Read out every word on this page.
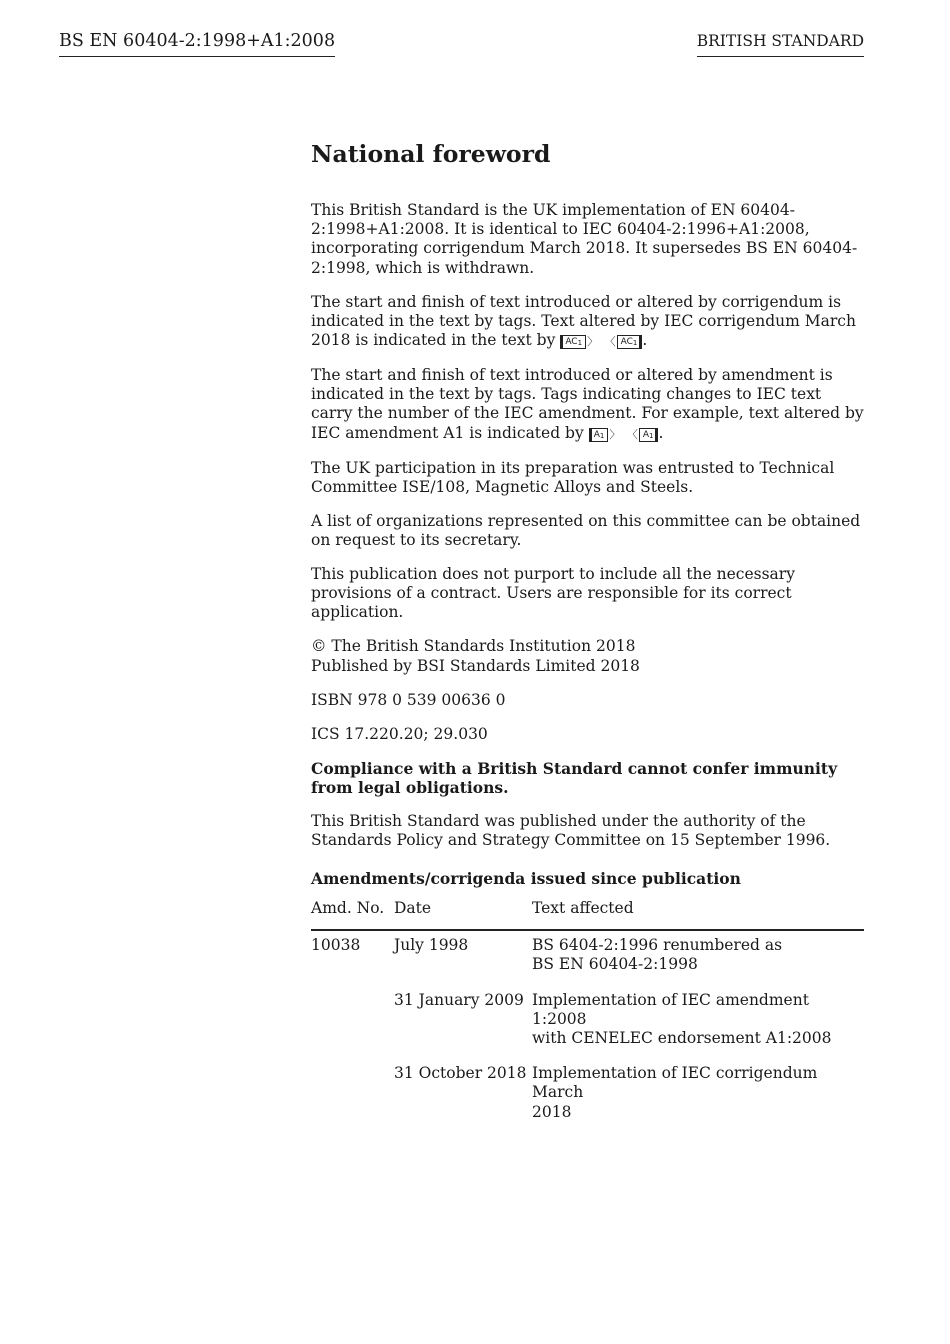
BS EN 60404-2:1998+A1:2008	BRITISH STANDARD
National foreword

This British Standard is the UK implementation of EN 60404-2:1998+A1:2008. It is identical to IEC 60404-2:1996+A1:2008, incorporating corrigendum March 2018. It supersedes BS EN 60404-2:1998, which is withdrawn.

The start and finish of text introduced or altered by corrigendum is indicated in the text by tags. Text altered by IEC corrigendum March 2018 is indicated in the text by $AC_1$ 〉 〈 $AC_1$ .

The start and finish of text introduced or altered by amendment is indicated in the text by tags. Tags indicating changes to IEC text carry the number of the IEC amendment. For example, text altered by IEC amendment A1 is indicated by $A_1$ 〉 〈 $A_1$ .

The UK participation in its preparation was entrusted to Technical Committee ISE/108, Magnetic Alloys and Steels.

A list of organizations represented on this committee can be obtained on request to its secretary.

This publication does not purport to include all the necessary provisions of a contract. Users are responsible for its correct application.

© The British Standards Institution 2018
Published by BSI Standards Limited 2018

ISBN 978 0 539 00636 0

ICS 17.220.20; 29.030

Compliance with a British Standard cannot confer immunity from legal obligations.

This British Standard was published under the authority of the Standards Policy and Strategy Committee on 15 September 1996.

Amendments/corrigenda issued since publication
Amd. No.	Date	Text affected
10038	July 1998	BS 6404-2:1996 renumbered as
BS EN 60404-2:1998
	31 January 2009	Implementation of IEC amendment 1:2008
with CENELEC endorsement A1:2008
	31 October 2018	Implementation of IEC corrigendum March
2018
